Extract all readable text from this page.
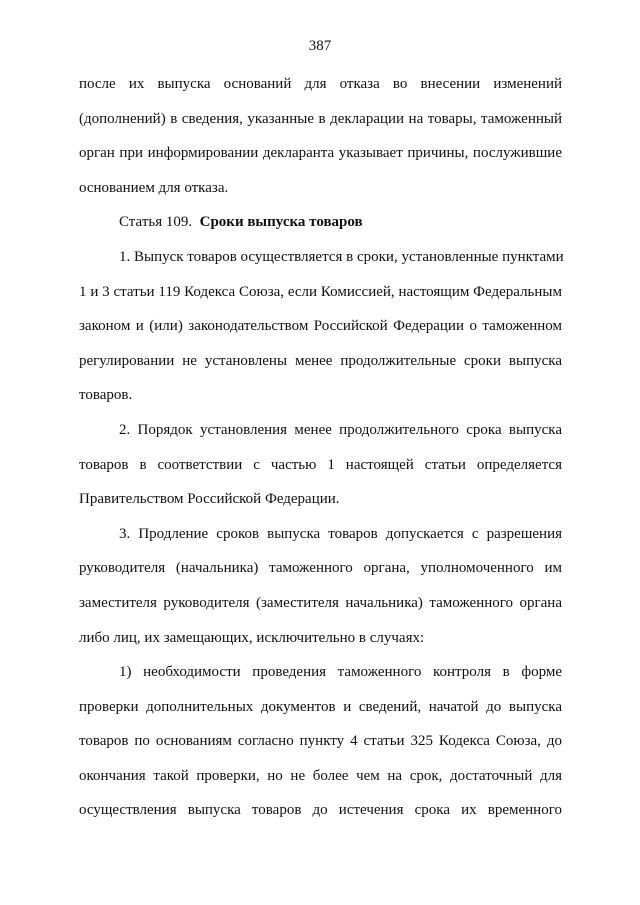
387
после их выпуска оснований для отказа во внесении изменений
(дополнений) в сведения, указанные в декларации на товары, таможенный
орган при информировании декларанта указывает причины, послужившие
основанием для отказа.
Статья 109. Сроки выпуска товаров
1. Выпуск товаров осуществляется в сроки, установленные пунктами
1 и 3 статьи 119 Кодекса Союза, если Комиссией, настоящим Федеральным
законом и (или) законодательством Российской Федерации о таможенном
регулировании не установлены менее продолжительные сроки выпуска
товаров.
2. Порядок установления менее продолжительного срока выпуска
товаров в соответствии с частью 1 настоящей статьи определяется
Правительством Российской Федерации.
3. Продление сроков выпуска товаров допускается с разрешения
руководителя (начальника) таможенного органа, уполномоченного им
заместителя руководителя (заместителя начальника) таможенного органа
либо лиц, их замещающих, исключительно в случаях:
1) необходимости проведения таможенного контроля в форме
проверки дополнительных документов и сведений, начатой до выпуска
товаров по основаниям согласно пункту 4 статьи 325 Кодекса Союза, до
окончания такой проверки, но не более чем на срок, достаточный для
осуществления выпуска товаров до истечения срока их временного
